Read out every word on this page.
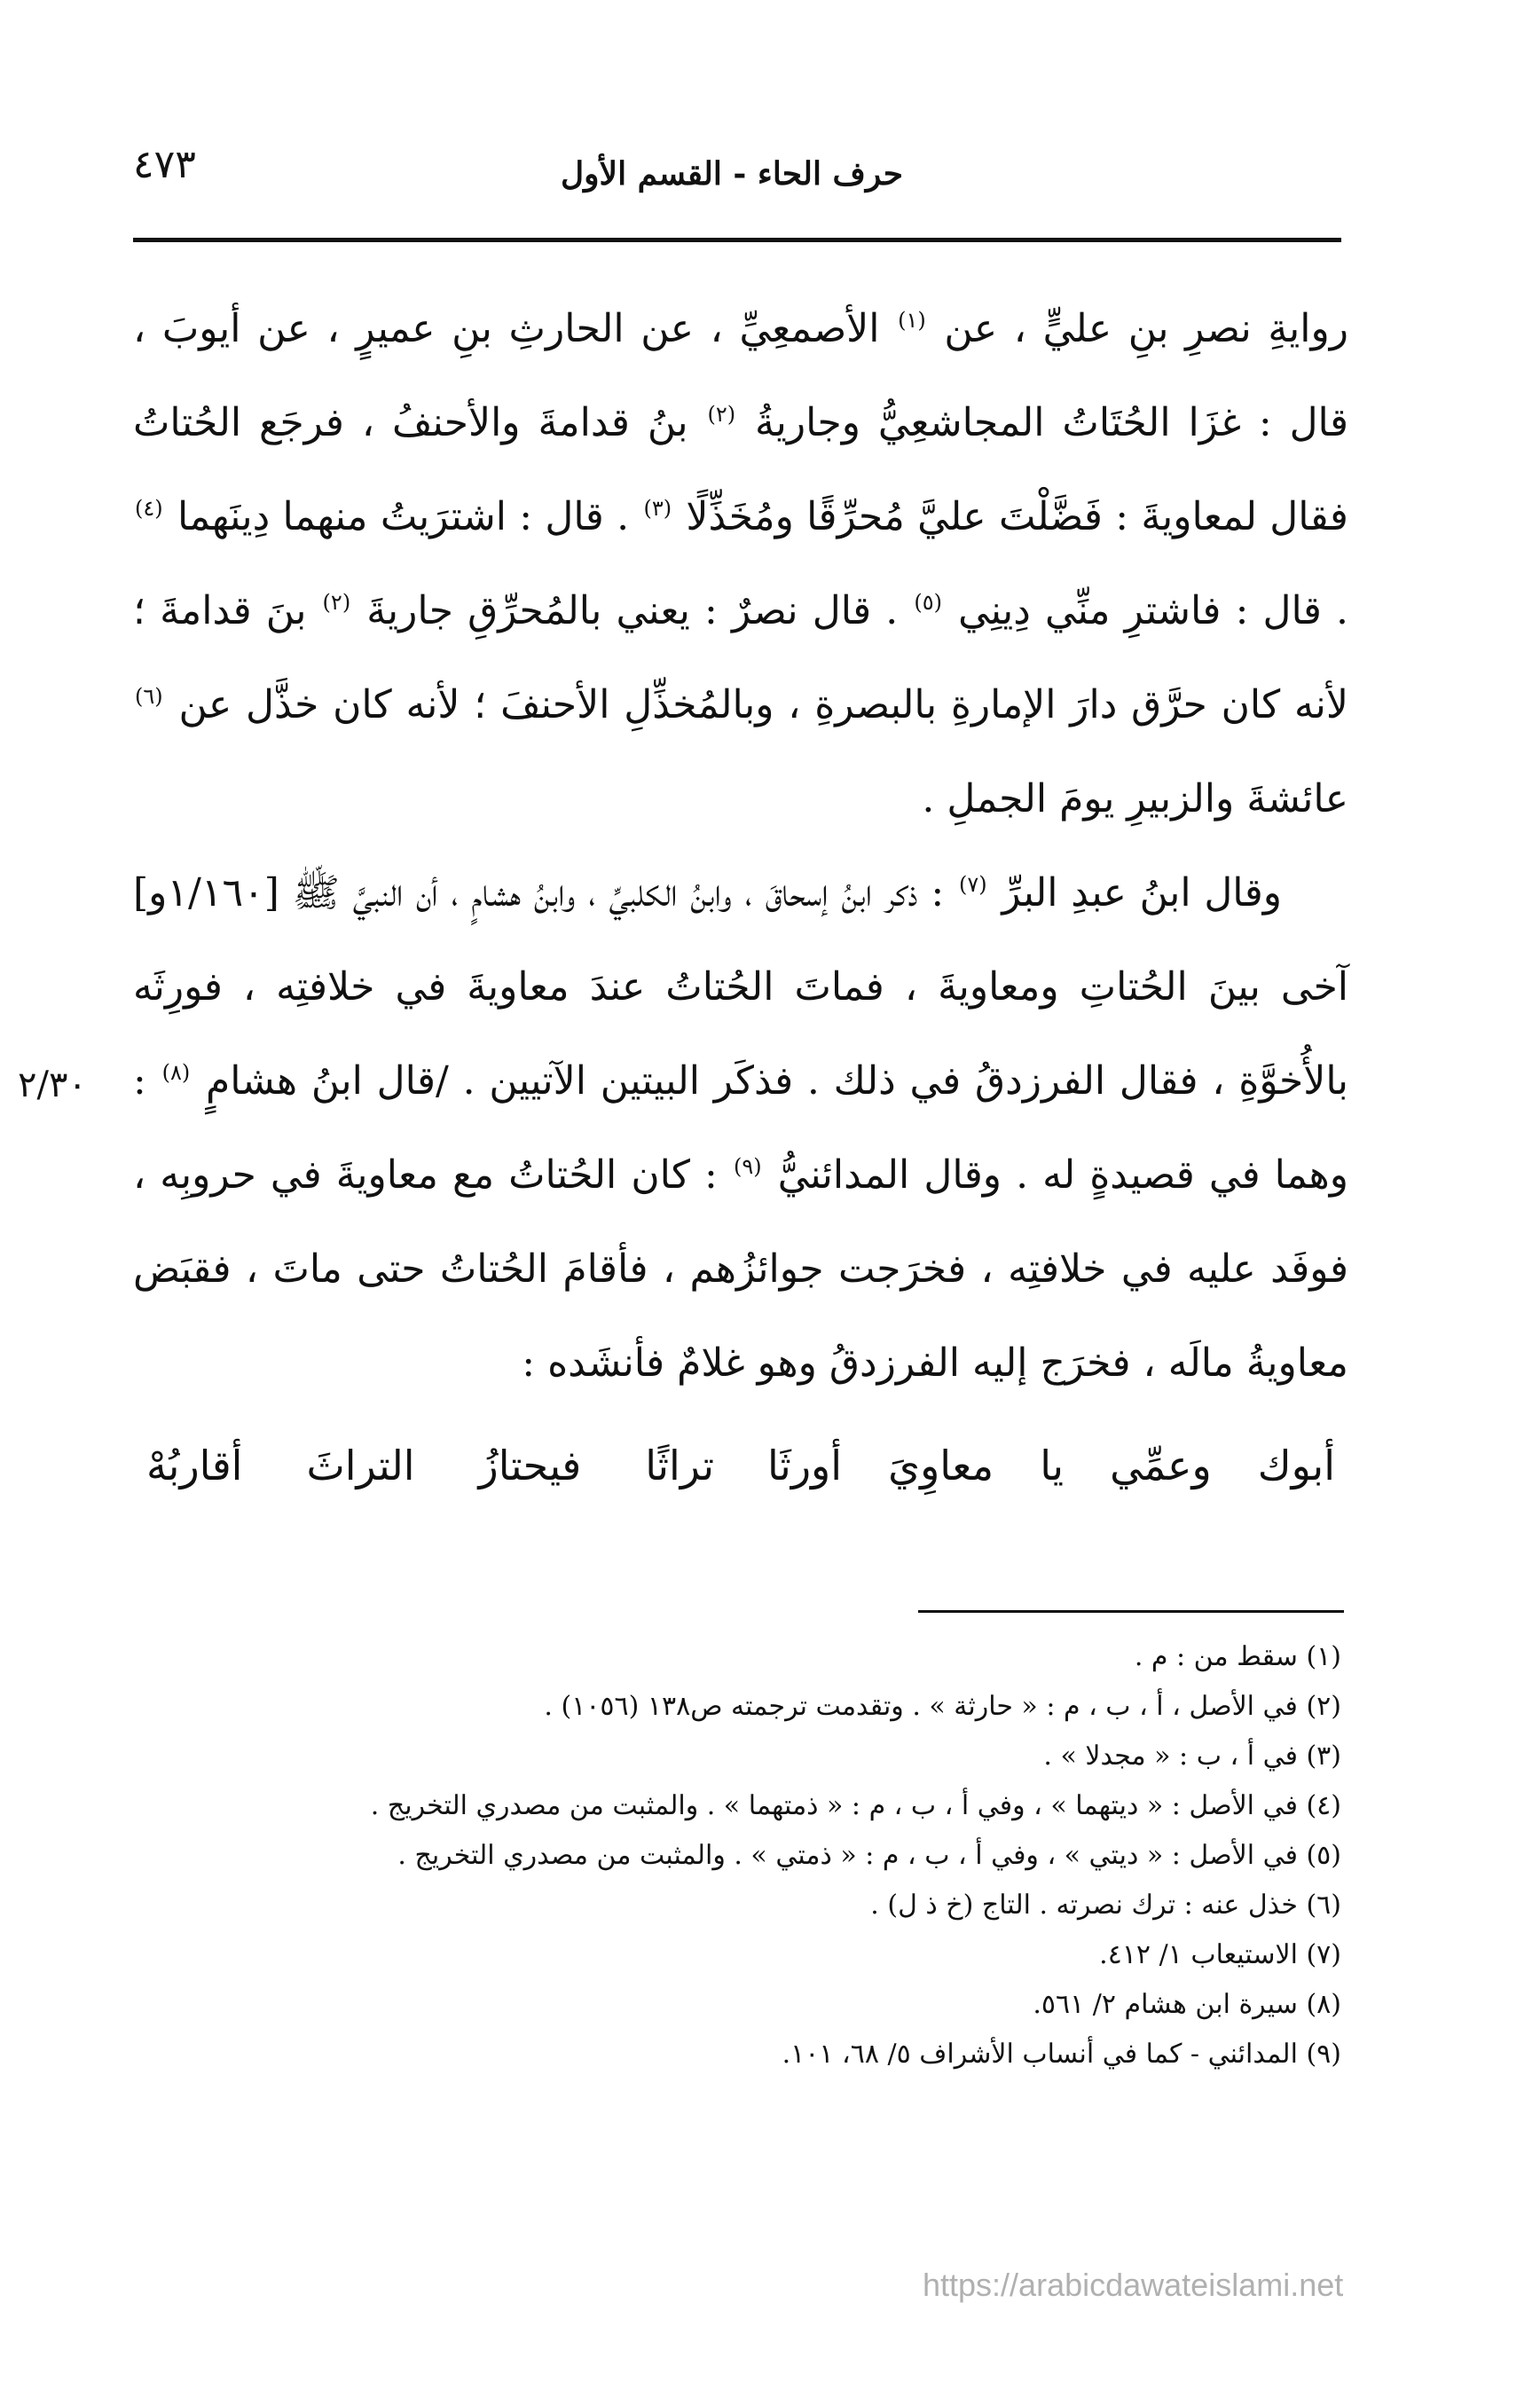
٤٧٣	حرف الحاء - القسم الأول

روايةِ نصرِ بنِ عليٍّ ، عن $^{(١)}$ الأصمعِيِّ ، عن الحارثِ بنِ عميرٍ ، عن أيوبَ ، قال : غزَا الحُتَاتُ المجاشعِيُّ وجاريةُ $^{(٢)}$ بنُ قدامةَ والأحنفُ ، فرجَع الحُتاتُ فقال لمعاويةَ : فَضَّلْتَ عليَّ مُحرِّقًا ومُخَذِّلًا $^{(٣)}$ . قال : اشترَيتُ منهما دِينَهما $^{(٤)}$ . قال : فاشترِ منِّي دِينِي $^{(٥)}$ . قال نصرٌ : يعني بالمُحرِّقِ جاريةَ $^{(٢)}$ بنَ قدامةَ ؛ لأنه كان حرَّق دارَ الإمارةِ بالبصرةِ ، وبالمُخذِّلِ الأحنفَ ؛ لأنه كان خذَّل عن $^{(٦)}$ عائشةَ والزبيرِ يومَ الجملِ .

وقال ابنُ عبدِ البرِّ $^{(٧)}$ : ذكر ابنُ إسحاقَ ، وابنُ الكلبيِّ ، وابنُ هشامٍ ، أن النبيَّ ﷺ [١/١٦٠و] آخى بينَ الحُتاتِ ومعاويةَ ، فماتَ الحُتاتُ عندَ معاويةَ في خلافتِه ، فورِثَه بالأُخوَّةِ ، فقال الفرزدقُ في ذلك . فذكَر البيتين الآتيين . /قال ابنُ هشامٍ $^{(٨)}$ : وهما في قصيدةٍ له . وقال المدائنيُّ $^{(٩)}$ : كان الحُتاتُ مع معاويةَ في حروبِه ، فوفَد عليه في خلافتِه ، فخرَجت جوائزُهم ، فأقامَ الحُتاتُ حتى ماتَ ، فقبَض معاويةُ مالَه ، فخرَج إليه الفرزدقُ وهو غلامٌ فأنشَده :

٢/٣٠
أبوك وعمِّي يا معاوِيَ أورثَا
تراثًا فيحتازُ التراثَ أقاربُهْ
(١) سقط من : م .
(٢) في الأصل ، أ ، ب ، م : « حارثة » . وتقدمت ترجمته ص١٣٨ (١٠٥٦) .
(٣) في أ ، ب : « مجدلا » .
(٤) في الأصل : « ديتهما » ، وفي أ ، ب ، م : « ذمتهما » . والمثبت من مصدري التخريج .
(٥) في الأصل : « ديتي » ، وفي أ ، ب ، م : « ذمتي » . والمثبت من مصدري التخريج .
(٦) خذل عنه : ترك نصرته . التاج (خ ذ ل) .
(٧) الاستيعاب ١/ ٤١٢.
(٨) سيرة ابن هشام ٢/ ٥٦١.
(٩) المدائني - كما في أنساب الأشراف ٥/ ٦٨، ١٠١.
https://arabicdawateislami.net
